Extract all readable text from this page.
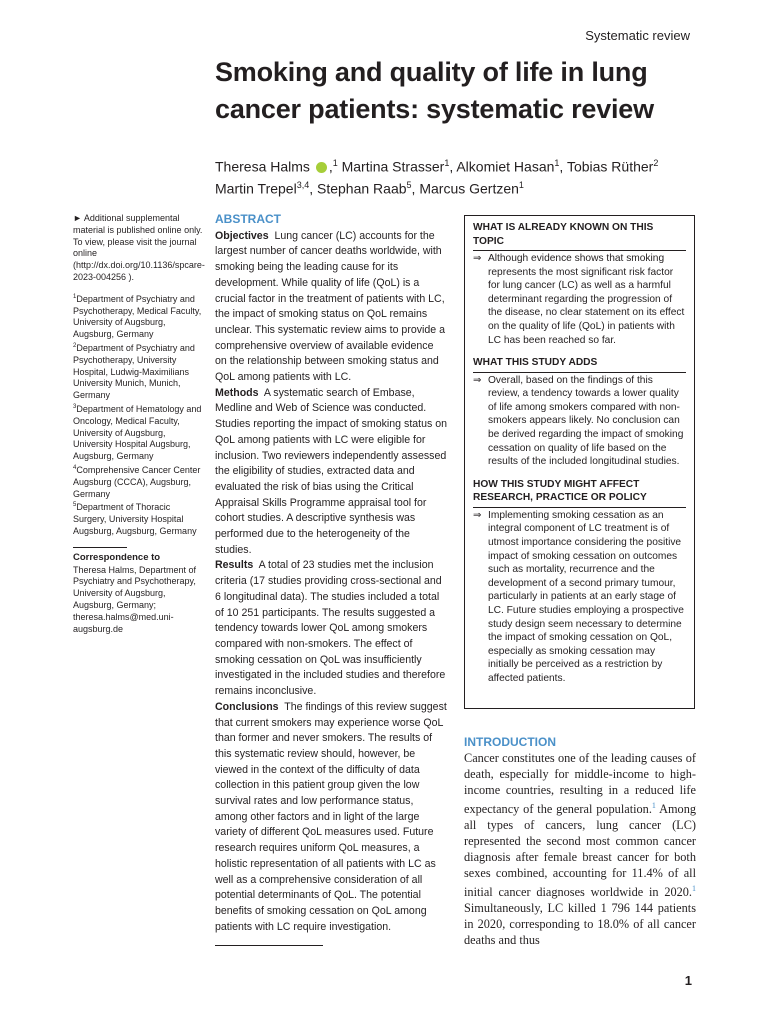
Systematic review
Smoking and quality of life in lung cancer patients: systematic review
Theresa Halms ,$^1$ Martina Strasser$^1$, Alkomiet Hasan$^1$, Tobias Rüther$^2$
Martin Trepel$^{3,4}$, Stephan Raab$^5$, Marcus Gertzen$^1$
► Additional supplemental material is published online only. To view, please visit the journal online (http://dx.doi.org/10.1136/spcare-2023-004256 ).
$^1$Department of Psychiatry and Psychotherapy, Medical Faculty, University of Augsburg, Augsburg, Germany
$^2$Department of Psychiatry and Psychotherapy, University Hospital, Ludwig-Maximilians University Munich, Munich, Germany
$^3$Department of Hematology and Oncology, Medical Faculty, University of Augsburg, University Hospital Augsburg, Augsburg, Germany
$^4$Comprehensive Cancer Center Augsburg (CCCA), Augsburg, Germany
$^5$Department of Thoracic Surgery, University Hospital Augsburg, Augsburg, Germany
Correspondence to
Theresa Halms, Department of Psychiatry and Psychotherapy, University of Augsburg, Augsburg, Germany; theresa.halms@med.uni-augsburg.de
ABSTRACT
Objectives Lung cancer (LC) accounts for the largest number of cancer deaths worldwide, with smoking being the leading cause for its development. While quality of life (QoL) is a crucial factor in the treatment of patients with LC, the impact of smoking status on QoL remains unclear. This systematic review aims to provide a comprehensive overview of available evidence on the relationship between smoking status and QoL among patients with LC.
Methods A systematic search of Embase, Medline and Web of Science was conducted. Studies reporting the impact of smoking status on QoL among patients with LC were eligible for inclusion. Two reviewers independently assessed the eligibility of studies, extracted data and evaluated the risk of bias using the Critical Appraisal Skills Programme appraisal tool for cohort studies. A descriptive synthesis was performed due to the heterogeneity of the studies.
Results A total of 23 studies met the inclusion criteria (17 studies providing cross-sectional and 6 longitudinal data). The studies included a total of 10 251 participants. The results suggested a tendency towards lower QoL among smokers compared with non-smokers. The effect of smoking cessation on QoL was insufficiently investigated in the included studies and therefore remains inconclusive.
Conclusions The findings of this review suggest that current smokers may experience worse QoL than former and never smokers. The results of this systematic review should, however, be viewed in the context of the difficulty of data collection in this patient group given the low survival rates and low performance status, among other factors and in light of the large variety of different QoL measures used. Future research requires uniform QoL measures, a holistic representation of all patients with LC as well as a comprehensive consideration of all potential determinants of QoL. The potential benefits of smoking cessation on QoL among patients with LC require investigation.
WHAT IS ALREADY KNOWN ON THIS TOPIC
⇒ Although evidence shows that smoking represents the most significant risk factor for lung cancer (LC) as well as a harmful determinant regarding the progression of the disease, no clear statement on its effect on the quality of life (QoL) in patients with LC has been reached so far.
WHAT THIS STUDY ADDS
⇒ Overall, based on the findings of this review, a tendency towards a lower quality of life among smokers compared with non-smokers appears likely. No conclusion can be derived regarding the impact of smoking cessation on quality of life based on the results of the included longitudinal studies.
HOW THIS STUDY MIGHT AFFECT RESEARCH, PRACTICE OR POLICY
⇒ Implementing smoking cessation as an integral component of LC treatment is of utmost importance considering the positive impact of smoking cessation on outcomes such as mortality, recurrence and the development of a second primary tumour, particularly in patients at an early stage of LC. Future studies employing a prospective study design seem necessary to determine the impact of smoking cessation on QoL, especially as smoking cessation may initially be perceived as a restriction by affected patients.
INTRODUCTION

Cancer constitutes one of the leading causes of death, especially for middle-income to high-income countries, resulting in a reduced life expectancy of the general population.$^1$ Among all types of cancers, lung cancer (LC) represented the second most common cancer diagnosis after female breast cancer for both sexes combined, accounting for 11.4% of all initial cancer diagnoses worldwide in 2020.$^1$ Simultaneously, LC killed 1 796 144 patients in 2020, corresponding to 18.0% of all cancer deaths and thus

1
